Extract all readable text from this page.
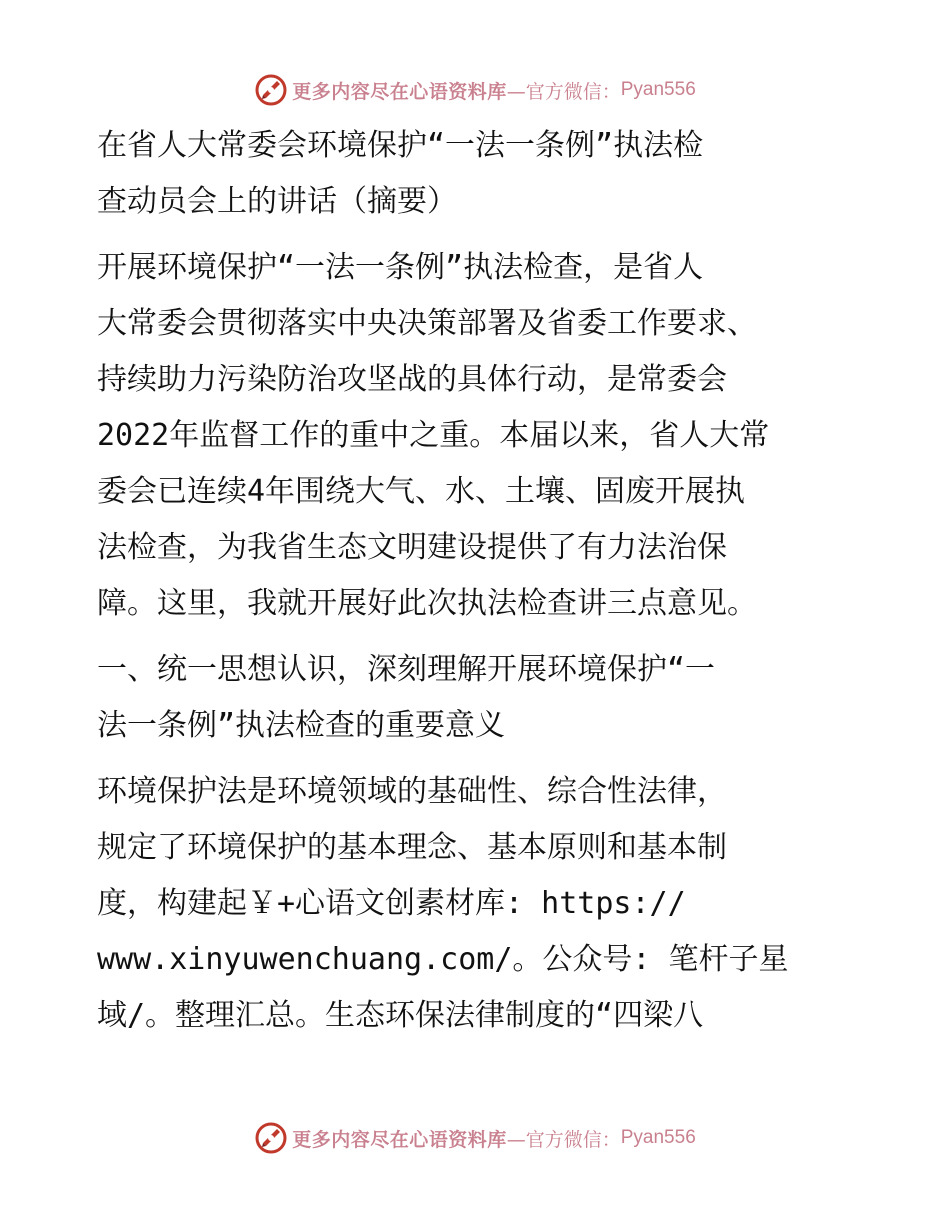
更多内容尽在心语资料库 —官方微信： Pyan556
在省人大常委会环境保护“一法一条例”执法检
查动员会上的讲话（摘要）
开展环境保护“一法一条例”执法检查，是省人
大常委会贯彻落实中央决策部署及省委工作要求、
持续助力污染防治攻坚战的具体行动，是常委会
2022年监督工作的重中之重。本届以来，省人大常
委会已连续4年围绕大气、水、土壤、固废开展执
法检查，为我省生态文明建设提供了有力法治保
障。这里，我就开展好此次执法检查讲三点意见。
一、统一思想认识，深刻理解开展环境保护“一
法一条例”执法检查的重要意义
环境保护法是环境领域的基础性、综合性法律，
规定了环境保护的基本理念、基本原则和基本制
度，构建起￥+心语文创素材库: https://
www.xinyuwenchuang.com/。公众号: 笔杆子星
域/。整理汇总。生态环保法律制度的“四梁八
更多内容尽在心语资料库 —官方微信： Pyan556
